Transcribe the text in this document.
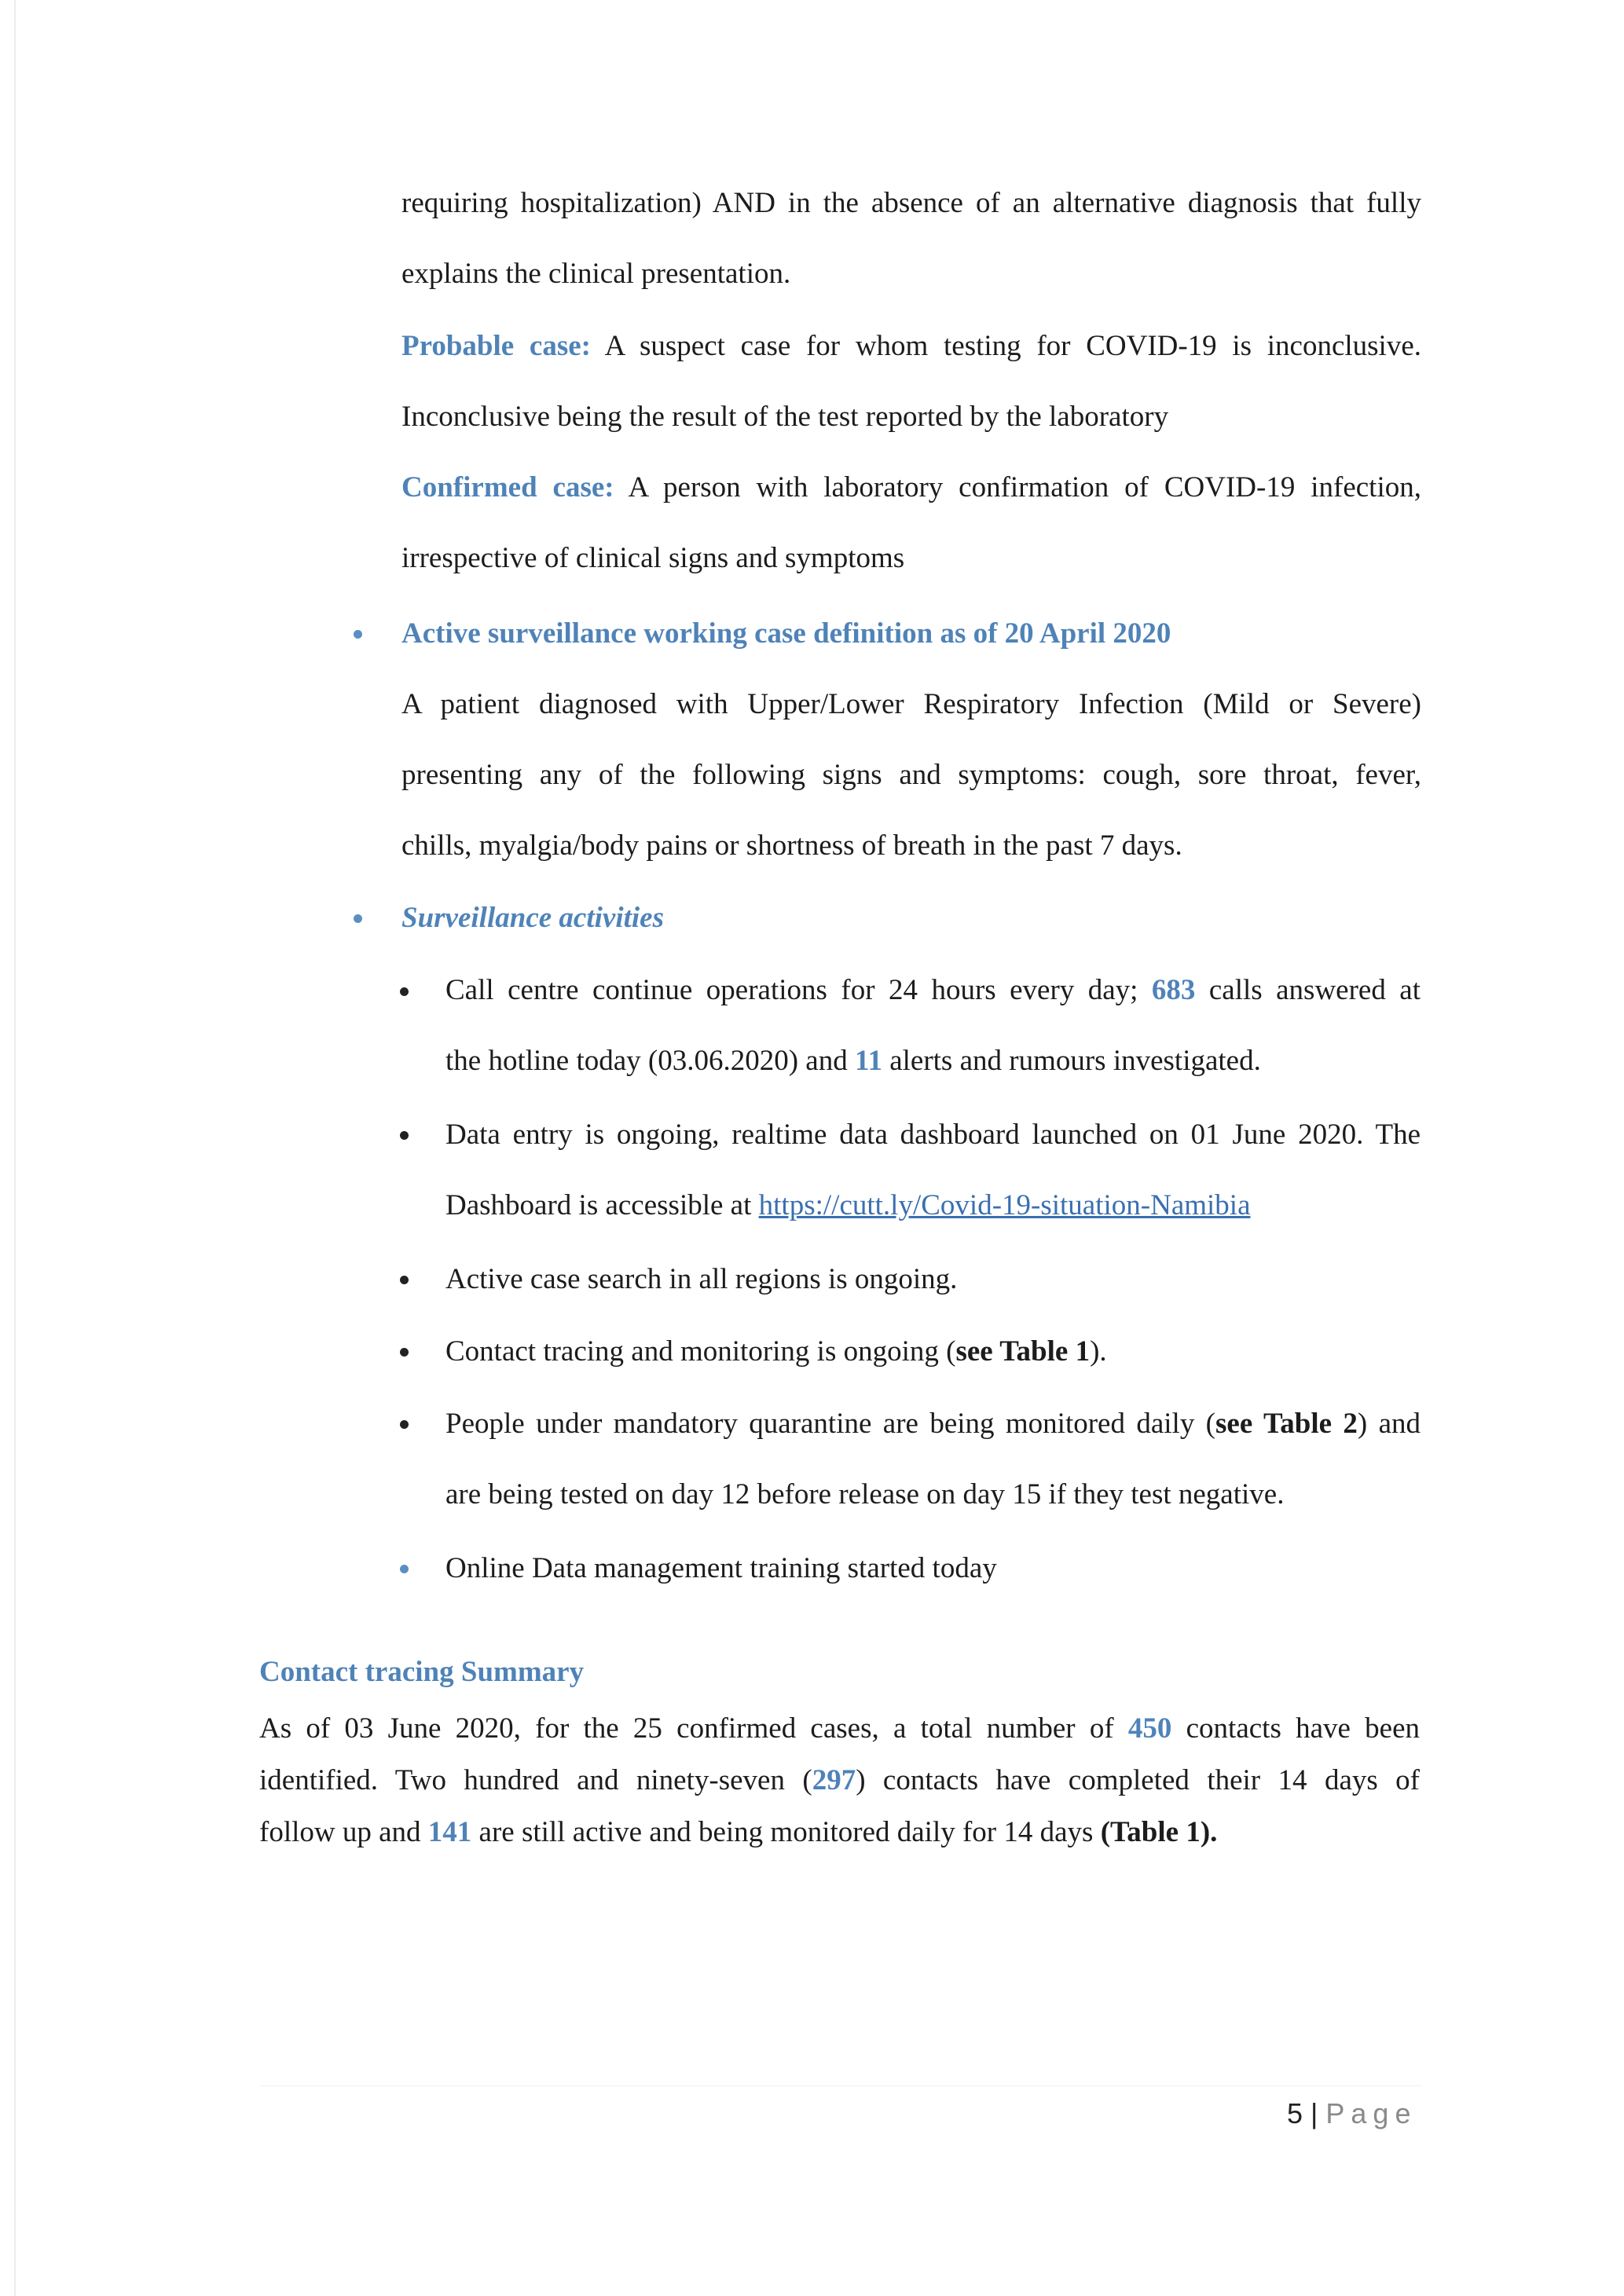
requiring hospitalization) AND in the absence of an alternative diagnosis that fully

explains the clinical presentation.

Probable case: A suspect case for whom testing for COVID-19 is inconclusive.

Inconclusive being the result of the test reported by the laboratory

Confirmed case: A person with laboratory confirmation of COVID-19 infection,

irrespective of clinical signs and symptoms

Active surveillance working case definition as of 20 April 2020

A patient diagnosed with Upper/Lower Respiratory Infection (Mild or Severe)

presenting any of the following signs and symptoms: cough, sore throat, fever,

chills, myalgia/body pains or shortness of breath in the past 7 days.

Surveillance activities

Call centre continue operations for 24 hours every day; 683 calls answered at

the hotline today (03.06.2020) and 11 alerts and rumours investigated.

Data entry is ongoing, realtime data dashboard launched on 01 June 2020. The

Dashboard is accessible at https://cutt.ly/Covid-19-situation-Namibia

Active case search in all regions is ongoing.

Contact tracing and monitoring is ongoing (see Table 1).

People under mandatory quarantine are being monitored daily (see Table 2) and

are being tested on day 12 before release on day 15 if they test negative.

Online Data management training started today

Contact tracing Summary

As of 03 June 2020, for the 25 confirmed cases, a total number of 450 contacts have been

identified. Two hundred and ninety-seven (297) contacts have completed their 14 days of

follow up and 141 are still active and being monitored daily for 14 days (Table 1).

5 | Page
